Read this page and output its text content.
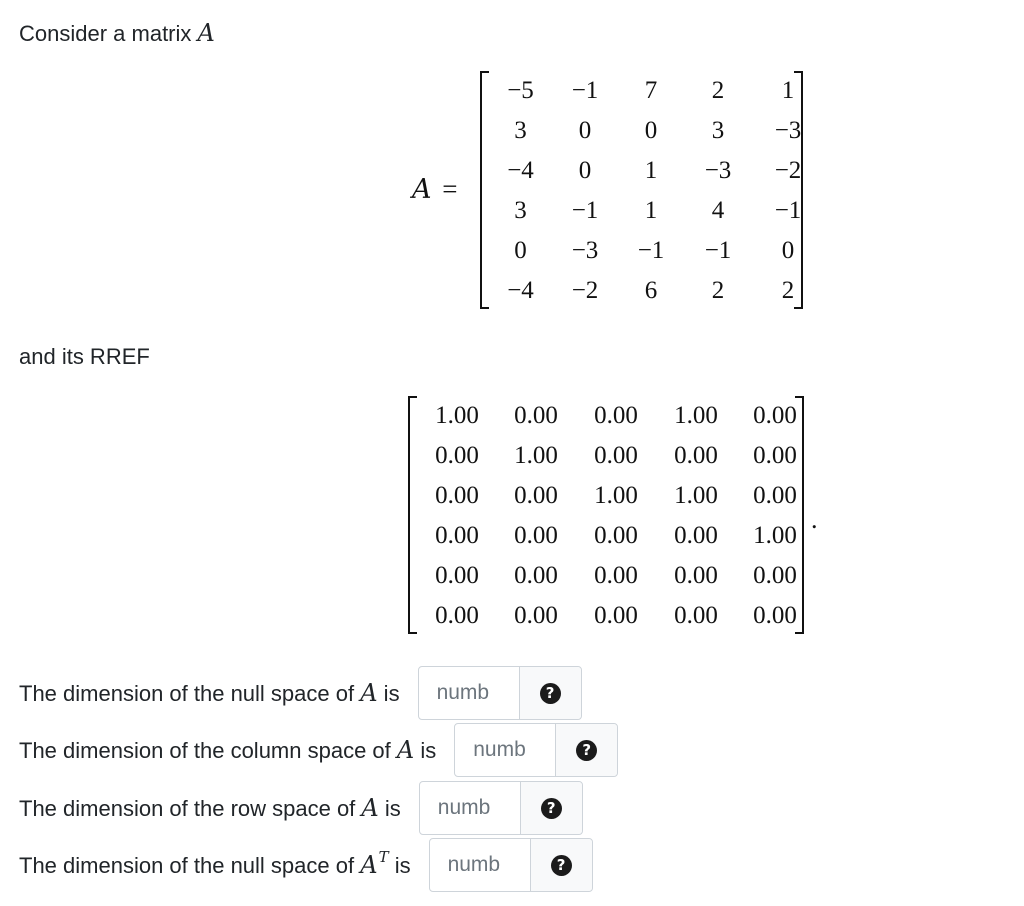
Consider a matrix A
A =
−5	−1	7	2	1
3	0	0	3	−3
−4	0	1	−3	−2
3	−1	1	4	−1
0	−3	−1	−1	0
−4	−2	6	2	2
and its RREF
1.00	0.00	0.00	1.00	0.00
0.00	1.00	0.00	0.00	0.00
0.00	0.00	1.00	1.00	0.00
0.00	0.00	0.00	0.00	1.00
0.00	0.00	0.00	0.00	0.00
0.00	0.00	0.00	0.00	0.00
.
The dimension of the null space of A is
numb	?
The dimension of the column space of A is
numb	?
The dimension of the row space of A is
numb	?
The dimension of the null space of $A^T$ is
numb	?
